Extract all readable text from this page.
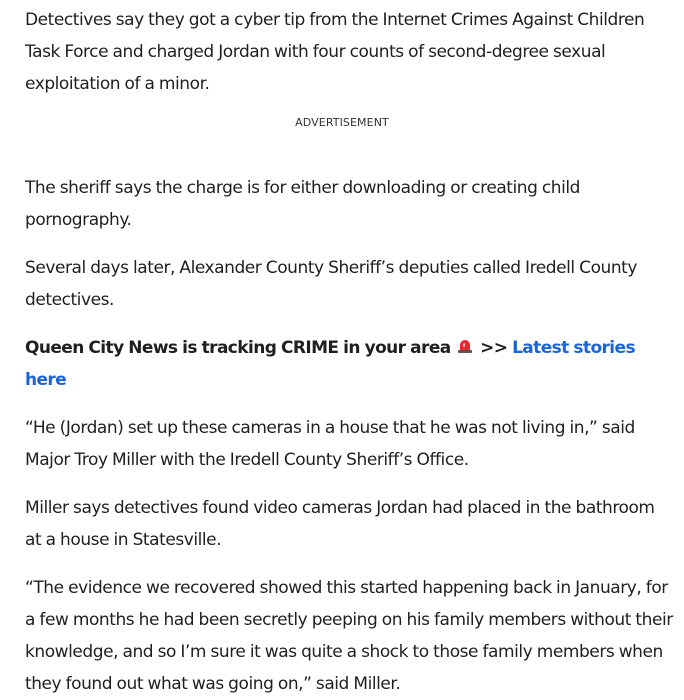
Detectives say they got a cyber tip from the Internet Crimes Against Children Task Force and charged Jordan with four counts of second-degree sexual exploitation of a minor.

ADVERTISEMENT

The sheriff says the charge is for either downloading or creating child pornography.

Several days later, Alexander County Sheriff’s deputies called Iredell County detectives.

Queen City News is tracking CRIME in your area >> Latest stories here

“He (Jordan) set up these cameras in a house that he was not living in,” said Major Troy Miller with the Iredell County Sheriff’s Office.

Miller says detectives found video cameras Jordan had placed in the bathroom at a house in Statesville.

“The evidence we recovered showed this started happening back in January, for a few months he had been secretly peeping on his family members without their knowledge, and so I’m sure it was quite a shock to those family members when they found out what was going on,” said Miller.
